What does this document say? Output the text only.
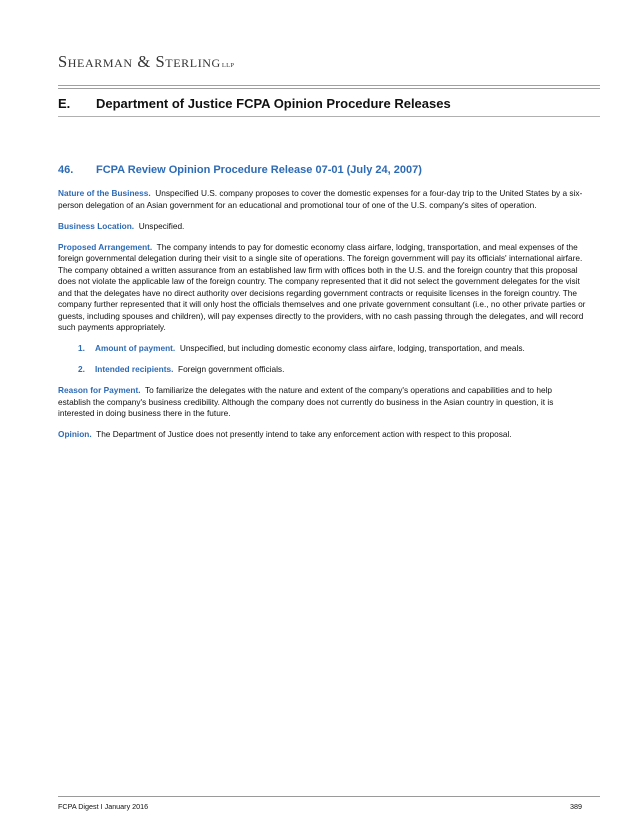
Shearman & SterlingLLP
E. Department of Justice FCPA Opinion Procedure Releases
46. FCPA Review Opinion Procedure Release 07-01 (July 24, 2007)

Nature of the Business. Unspecified U.S. company proposes to cover the domestic expenses for a four-day trip to the United States by a six-person delegation of an Asian government for an educational and promotional tour of one of the U.S. company's sites of operation.

Business Location. Unspecified.

Proposed Arrangement. The company intends to pay for domestic economy class airfare, lodging, transportation, and meal expenses of the foreign governmental delegation during their visit to a single site of operations. The foreign government will pay its officials' international airfare. The company obtained a written assurance from an established law firm with offices both in the U.S. and the foreign country that this proposal does not violate the applicable law of the foreign country. The company represented that it did not select the government delegates for the visit and that the delegates have no direct authority over decisions regarding government contracts or requisite licenses in the foreign country. The company further represented that it will only host the officials themselves and one private government consultant (i.e., no other private parties or guests, including spouses and children), will pay expenses directly to the providers, with no cash passing through the delegates, and will record such payments appropriately.

1.	Amount of payment. Unspecified, but including domestic economy class airfare, lodging, transportation, and meals.
2.	Intended recipients. Foreign government officials.

Reason for Payment. To familiarize the delegates with the nature and extent of the company's operations and capabilities and to help establish the company's business credibility. Although the company does not currently do business in the Asian country in question, it is interested in doing business there in the future.

Opinion. The Department of Justice does not presently intend to take any enforcement action with respect to this proposal.

FCPA Digest I January 2016	389
